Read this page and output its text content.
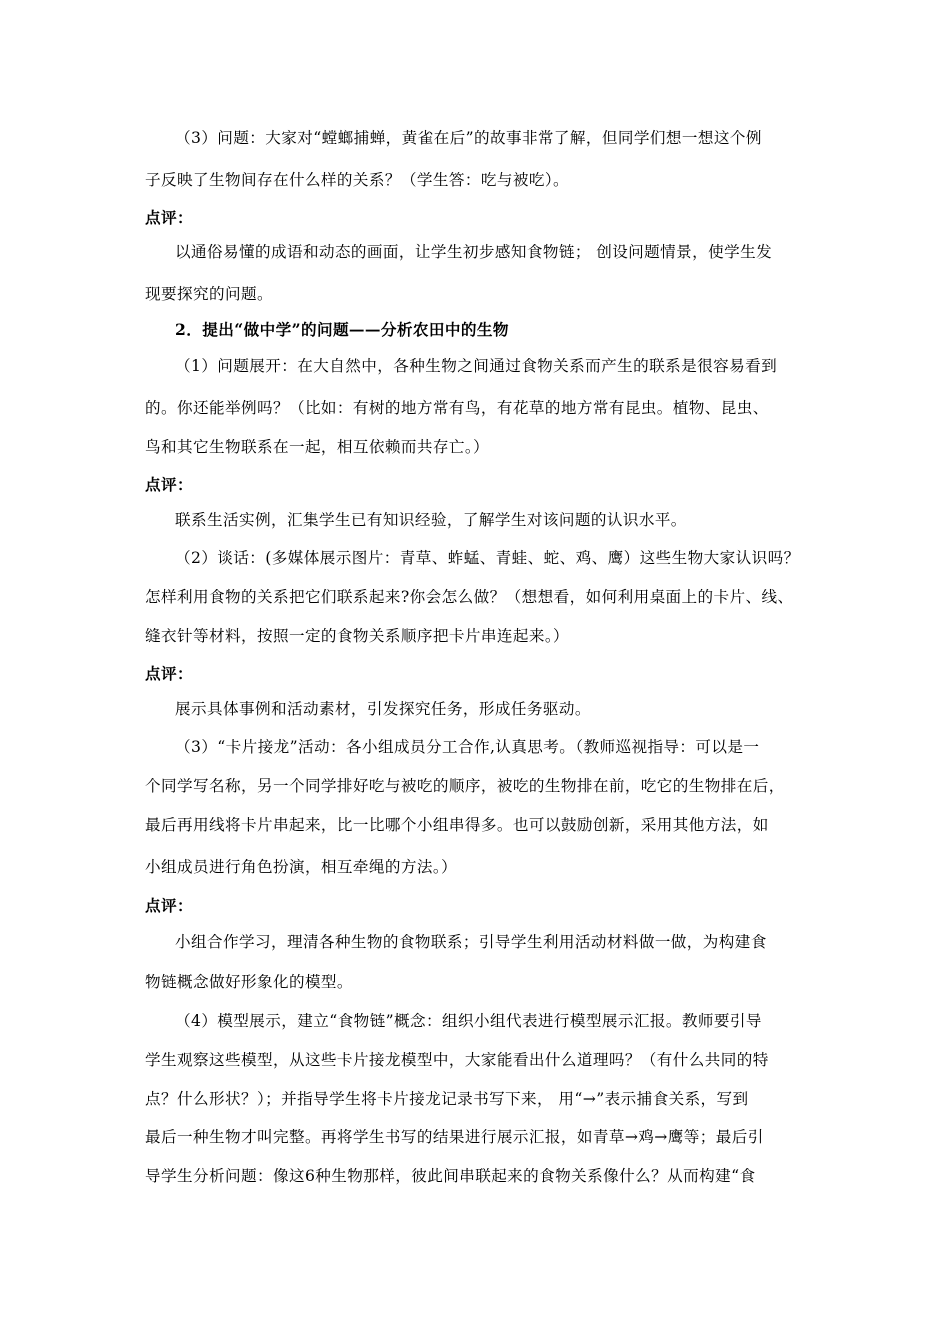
（3）问题：大家对“螳螂捕蝉，黄雀在后”的故事非常了解，但同学们想一想这个例
子反映了生物间存在什么样的关系？（学生答：吃与被吃）。
点评：
以通俗易懂的成语和动态的画面，让学生初步感知食物链； 创设问题情景，使学生发
现要探究的问题。
2．提出“做中学”的问题——分析农田中的生物
（1）问题展开：在大自然中，各种生物之间通过食物关系而产生的联系是很容易看到
的。你还能举例吗？（比如：有树的地方常有鸟，有花草的地方常有昆虫。植物、昆虫、
鸟和其它生物联系在一起，相互依赖而共存亡。）
点评：
联系生活实例，汇集学生已有知识经验，了解学生对该问题的认识水平。
（2）谈话：(多媒体展示图片：青草、蚱蜢、青蛙、蛇、鸡、鹰）这些生物大家认识吗？
怎样利用食物的关系把它们联系起来?你会怎么做？（想想看，如何利用桌面上的卡片、线、
缝衣针等材料，按照一定的食物关系顺序把卡片串连起来。）
点评：
展示具体事例和活动素材，引发探究任务，形成任务驱动。
（3）“卡片接龙”活动：各小组成员分工合作,认真思考。（教师巡视指导：可以是一
个同学写名称，另一个同学排好吃与被吃的顺序，被吃的生物排在前，吃它的生物排在后，
最后再用线将卡片串起来，比一比哪个小组串得多。也可以鼓励创新，采用其他方法，如
小组成员进行角色扮演，相互牵绳的方法。）
点评：
小组合作学习，理清各种生物的食物联系；引导学生利用活动材料做一做，为构建食
物链概念做好形象化的模型。
（4）模型展示，建立“食物链”概念：组织小组代表进行模型展示汇报。教师要引导
学生观察这些模型，从这些卡片接龙模型中，大家能看出什么道理吗？（有什么共同的特
点？什么形状？）；并指导学生将卡片接龙记录书写下来， 用“→”表示捕食关系，写到
最后一种生物才叫完整。再将学生书写的结果进行展示汇报，如青草→鸡→鹰等；最后引
导学生分析问题：像这6种生物那样，彼此间串联起来的食物关系像什么？从而构建“食
